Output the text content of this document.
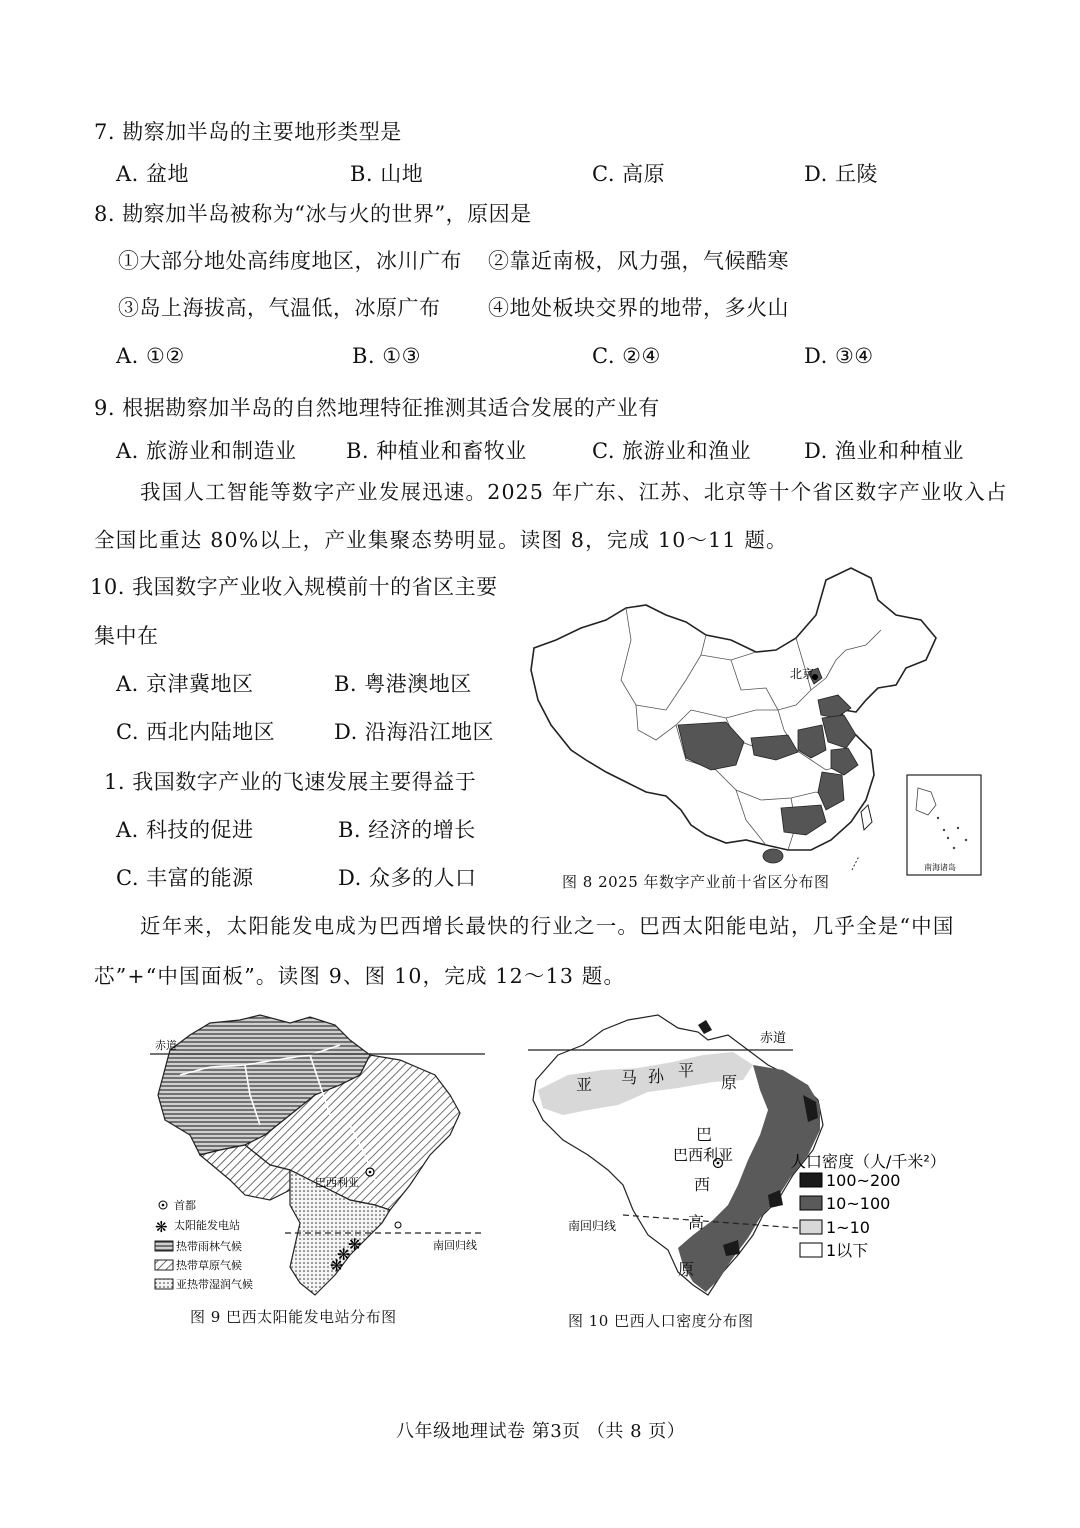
7. 勘察加半岛的主要地形类型是
A. 盆地	B. 山地	C. 高原	D. 丘陵
8. 勘察加半岛被称为“冰与火的世界”，原因是
①大部分地处高纬度地区，冰川广布 ②靠近南极，风力强，气候酷寒
③岛上海拔高，气温低，冰原广布 ④地处板块交界的地带，多火山
A. ①②	B. ①③	C. ②④	D. ③④
9. 根据勘察加半岛的自然地理特征推测其适合发展的产业有
A. 旅游业和制造业 B. 种植业和畜牧业	C. 旅游业和渔业	D. 渔业和种植业
我国人工智能等数字产业发展迅速。2025 年广东、江苏、北京等十个省区数字产业收入占
全国比重达 80%以上，产业集聚态势明显。读图 8，完成 10～11 题。
10. 我国数字产业收入规模前十的省区主要
集中在
A. 京津冀地区	B. 粤港澳地区
C. 西北内陆地区	D. 沿海沿江地区
1. 我国数字产业的飞速发展主要得益于
A. 科技的促进	B. 经济的增长
C. 丰富的能源	D. 众多的人口
北京
南海诸岛
图 8 2025 年数字产业前十省区分布图
近年来，太阳能发电成为巴西增长最快的行业之一。巴西太阳能电站，几乎全是“中国
芯”+“中国面板”。读图 9、图 10，完成 12～13 题。
赤道
南回归线
巴西利亚
❋
❋
❋
首都
❋ 太阳能发电站
热带雨林气候
热带草原气候
亚热带湿润气候
图 9 巴西太阳能发电站分布图
赤道
南回归线
亚 马 孙 平
原
巴
西
高
原
巴西利亚	人口密度（人/千米²）
100~200
10~100
1~10
1以下
图 10 巴西人口密度分布图
八年级地理试卷 第3页 （共 8 页）
